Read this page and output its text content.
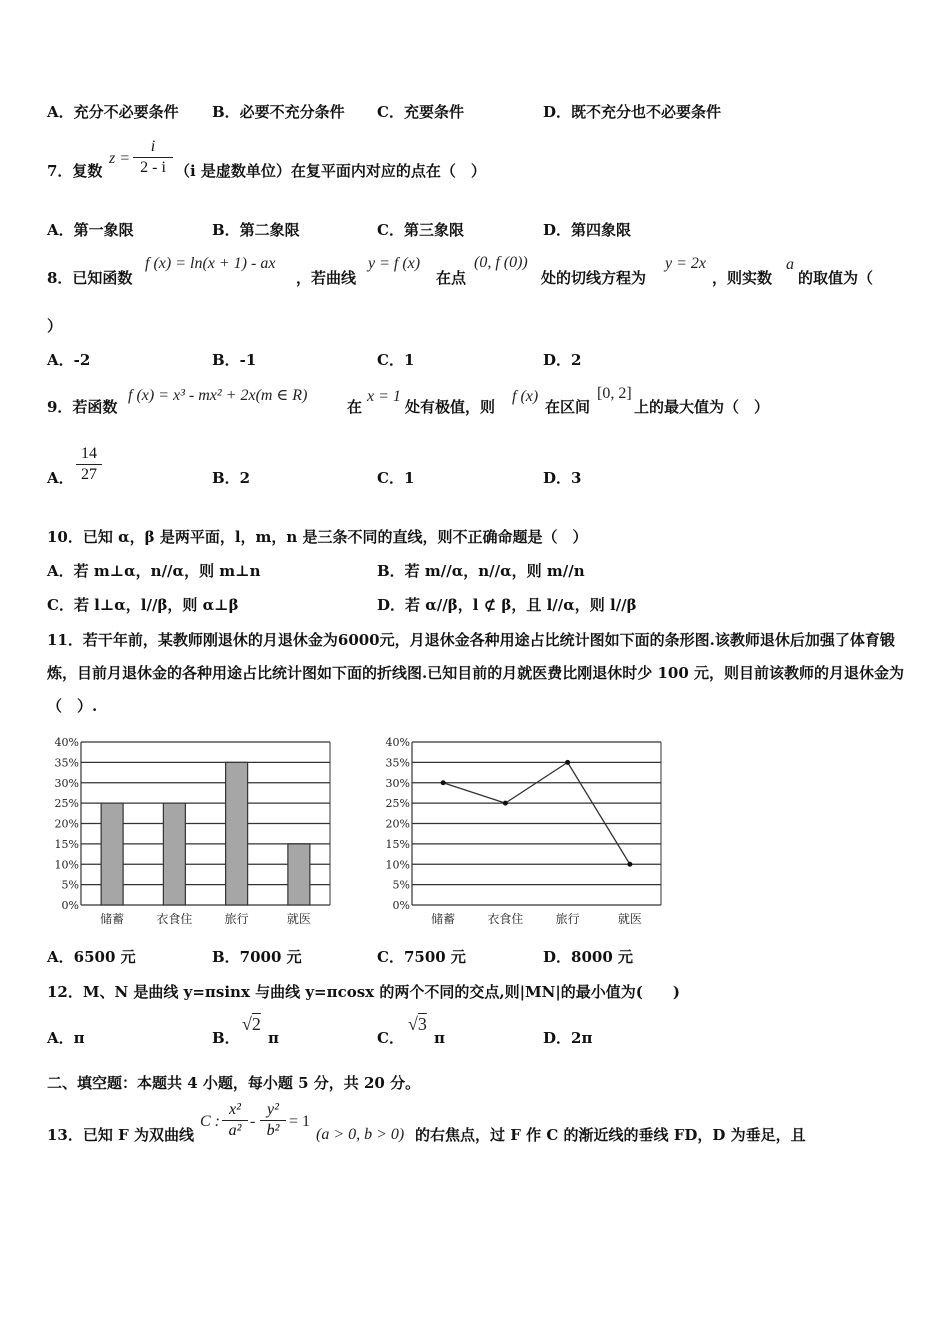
A．充分不必要条件 B．必要不充分条件 C．充要条件	D．既不充分也不必要条件
7．复数
$z = \frac{i}{2 - i} (i$ 是虚数单位）在复平面内对应的点在（　）
A．第一象限	B．第二象限	C．第三象限	D．第四象限
8．已知函数
f (x) = ln(x + 1) - ax
，若曲线
y = f (x)
在点
(0, f (0))
处的切线方程为
y = 2x
，则实数
a
的取值为（
）
A．-2	B．-1	C．1	D．2
9．若函数
f (x) = x³ - mx² + 2x(m ∈ R)
在
x = 1
处有极值，则
f (x)
在区间
[0, 2]
上的最大值为（　）
A． $\frac{14}{27}$	B．2	C．1	D．3
10．已知 α，β 是两平面，l，m，n 是三条不同的直线，则不正确命题是（　）
A．若 m⊥α，n//α，则 m⊥n	B．若 m//α，n//α，则 m//n
C．若 l⊥α，l//β，则 α⊥β	D．若 α//β，l ⊄ β，且 l//α，则 l//β
11．若干年前，某教师刚退休的月退休金为6000元，月退休金各种用途占比统计图如下面的条形图.该教师退休后加强了体育锻炼，目前月退休金的各种用途占比统计图如下面的折线图.已知目前的月就医费比刚退休时少 100 元，则目前该教师的月退休金为（　）.
0%
5%
10%
15%
20%
25%
30%
35%
40%
储蓄	衣食住	旅行	就医
0%
5%
10%
15%
20%
25%
30%
35%
40%
储蓄	衣食住	旅行	就医
A．6500 元	B．7000 元	C．7500 元	D．8000 元
12．M、N 是曲线 y=πsinx 与曲线 y=πcosx 的两个不同的交点,则|MN|的最小值为(　　)
A．π	B．
√2
π	C．
√3
π	D．2π
二、填空题：本题共 4 小题，每小题 5 分，共 20 分。
13．已知 F 为双曲线
C : $\frac{\text{x²}}{\text{a²}} - \frac{\text{y²}}{\text{b²}} = 1$
(a > 0, b > 0) 的右焦点，过 F 作 C 的渐近线的垂线 FD，D 为垂足，且
